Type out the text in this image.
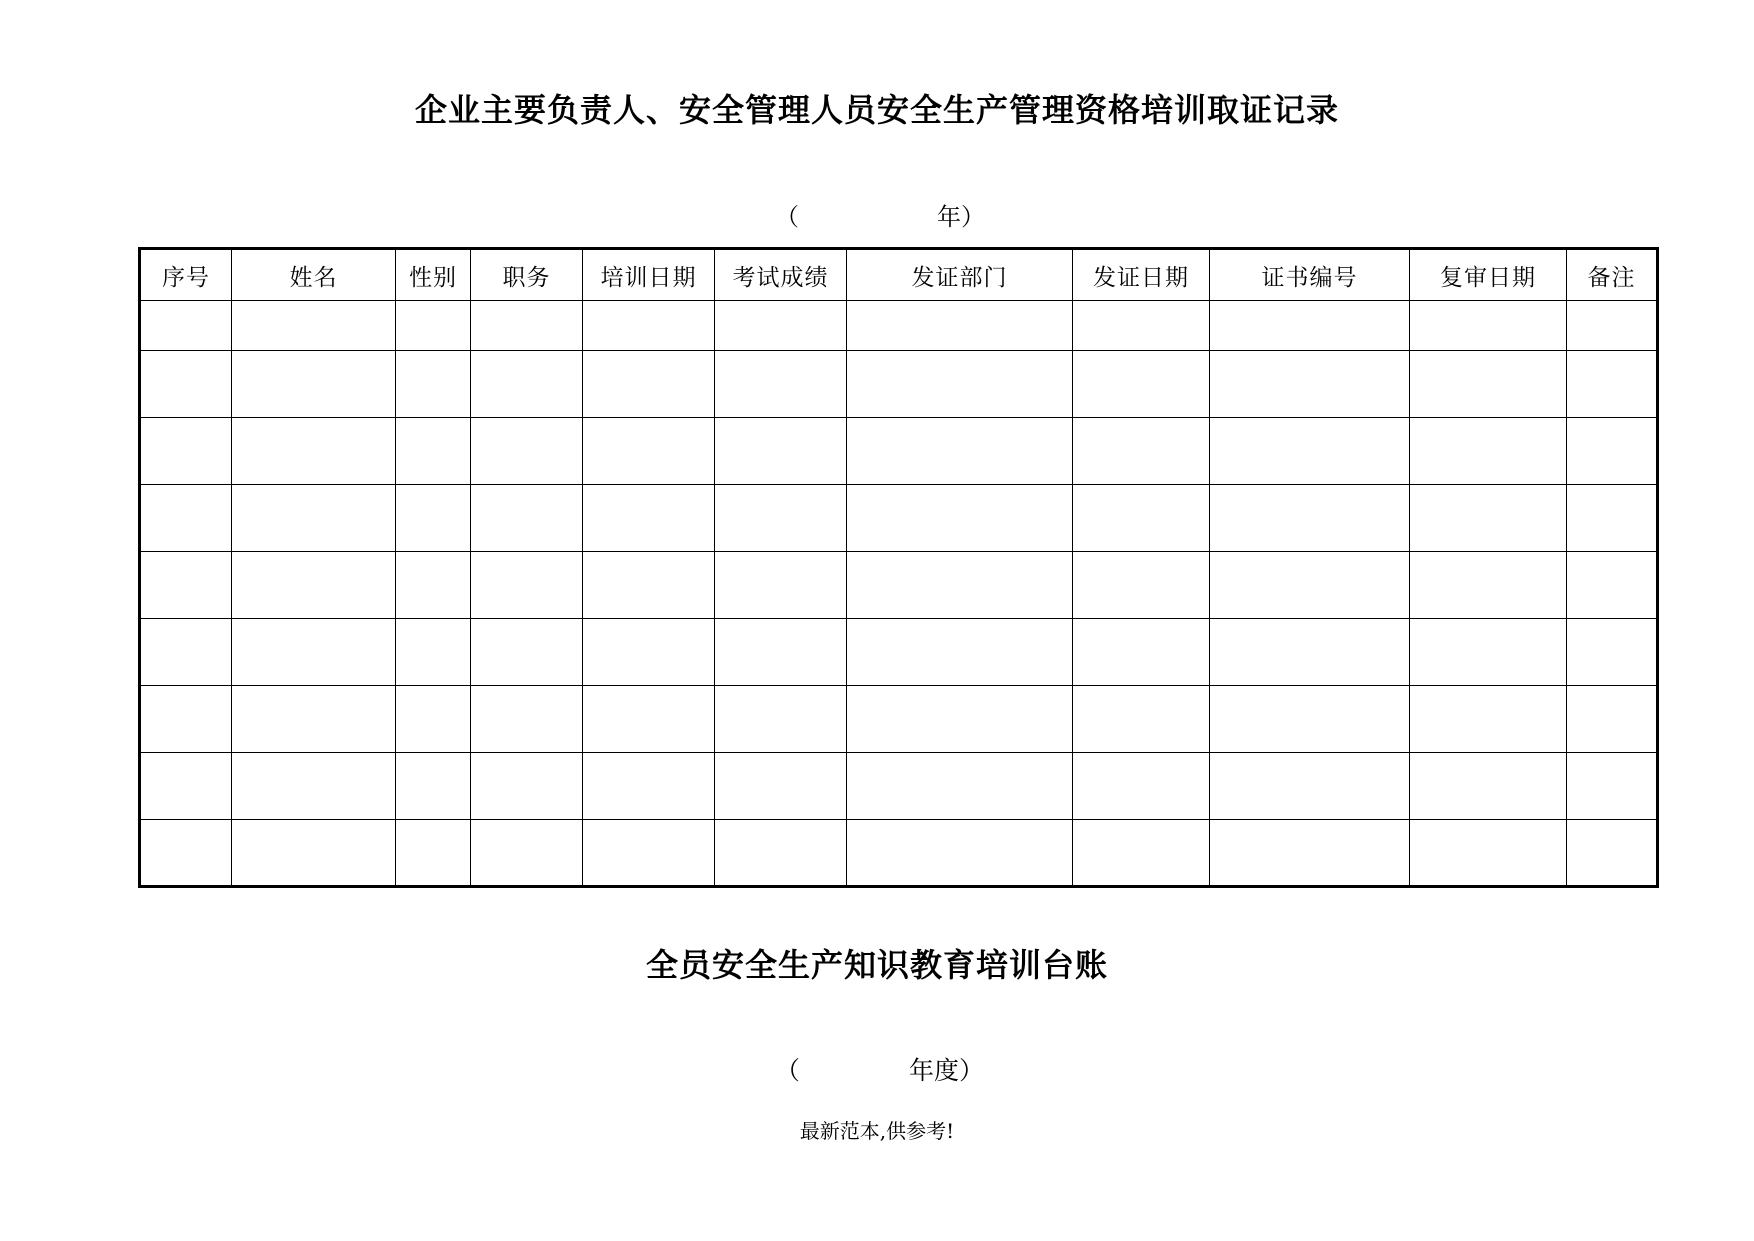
企业主要负责人、安全管理人员安全生产管理资格培训取证记录
（	年）
序号	姓名	性别	职务	培训日期	考试成绩	发证部门	发证日期	证书编号	复审日期	备注

全员安全生产知识教育培训台账
（	年度）
最新范本,供参考!
